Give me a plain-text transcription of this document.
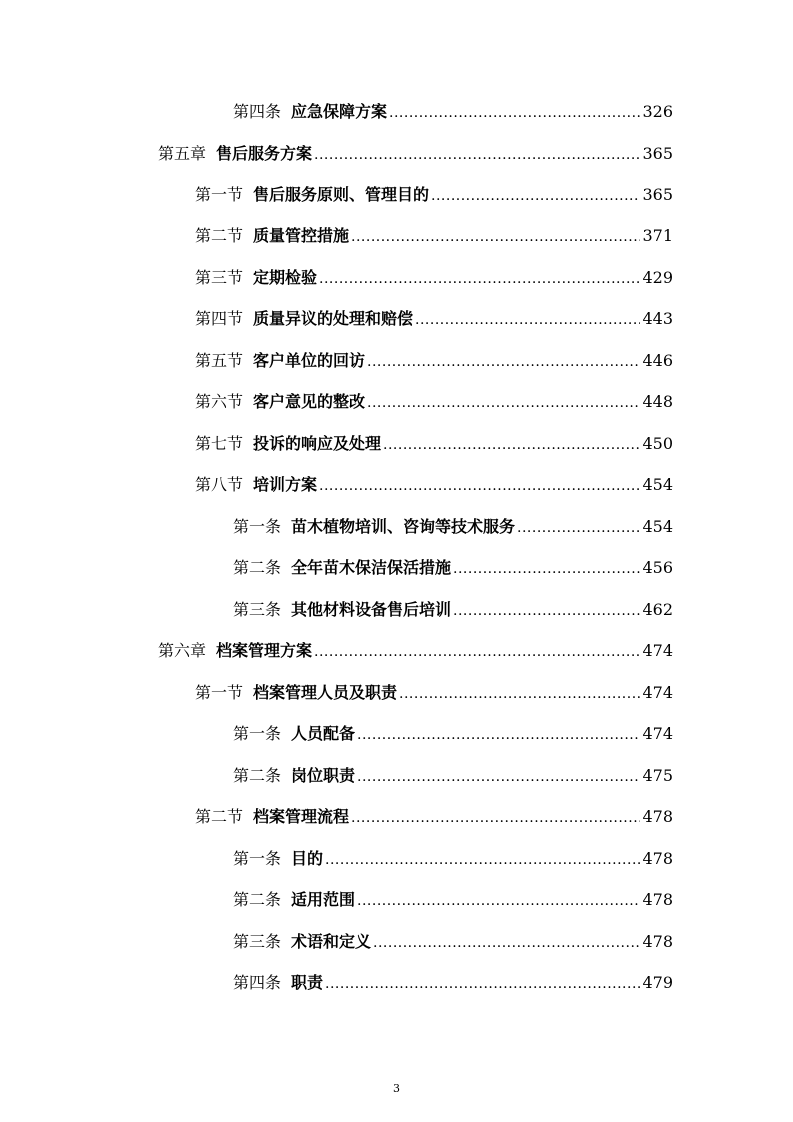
第四条 应急保障方案 .....	326
第五章 售后服务方案 .....	365
第一节 售后服务原则、管理目的 .....	365
第二节 质量管控措施 .....	371
第三节 定期检验 .....	429
第四节 质量异议的处理和赔偿 .....	443
第五节 客户单位的回访 .....	446
第六节 客户意见的整改 .....	448
第七节 投诉的响应及处理 .....	450
第八节 培训方案 .....	454
第一条 苗木植物培训、咨询等技术服务 .....	454
第二条 全年苗木保洁保活措施 .....	456
第三条 其他材料设备售后培训 .....	462
第六章 档案管理方案 .....	474
第一节 档案管理人员及职责 .....	474
第一条 人员配备 .....	474
第二条 岗位职责 .....	475
第二节 档案管理流程 .....	478
第一条 目的 .....	478
第二条 适用范围 .....	478
第三条 术语和定义 .....	478
第四条 职责 .....	479
3
